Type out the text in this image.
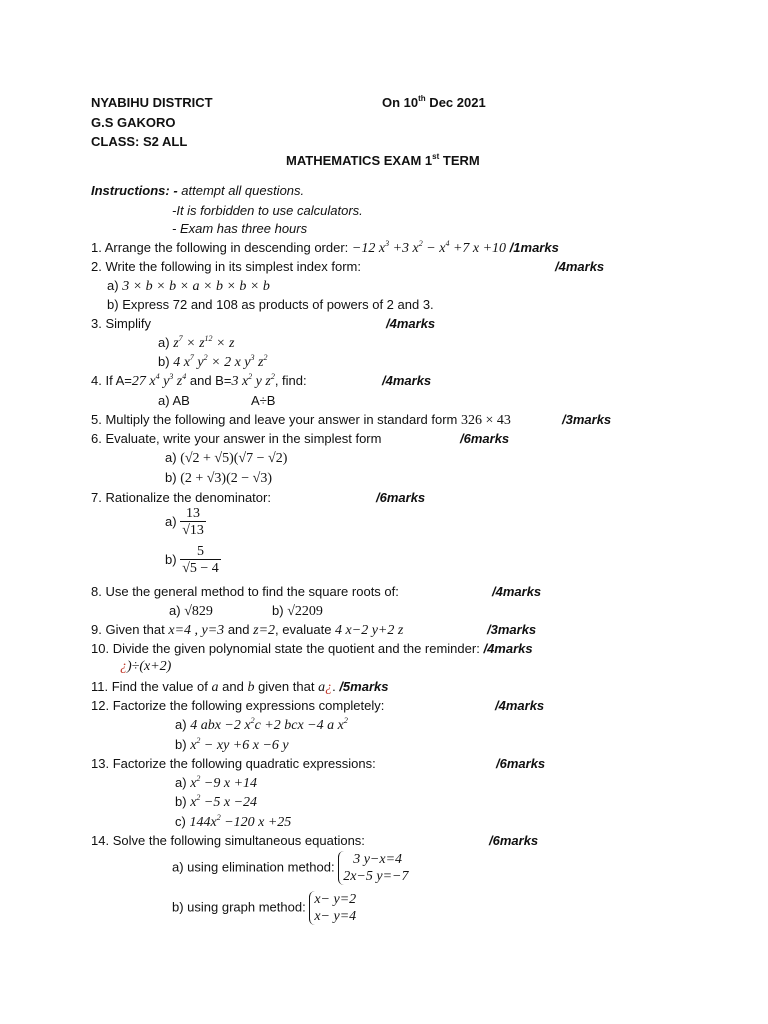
NYABIHU DISTRICT	On 10th Dec 2021
G.S GAKORO
CLASS: S2 ALL
MATHEMATICS EXAM 1st TERM
Instructions: - attempt all questions.
-It is forbidden to use calculators.
- Exam has three hours
1. Arrange the following in descending order: −12 $x^3 +3$ $x^2 - x^4 +7$ x +10 /1marks
2. Write the following in its simplest index form:	/4marks
a) 3 × b × b × a × b × b × b
b) Express 72 and 108 as products of powers of 2 and 3.
3. Simplify	/4marks
a) $z^7 \times z^{12} \times z$
b) 4 $x^7$ $y^2 \times 2$ x $y^3$ $z^2$
4. If A=27 $x^4$ $y^3$ $z^4$ and B=3 $x^2$ y $z^2$, find:	/4marks
a) AB	A÷B
5. Multiply the following and leave your answer in standard form 326 × 43	/3marks
6. Evaluate, write your answer in the simplest form	/6marks
a) (√2 + √5)(√7 − √2)
b) (2 + √3)(2 − √3)
7. Rationalize the denominator:	/6marks
$a) \frac{13}{√13}$
$b) \frac{5}{√5 - 4}$
8. Use the general method to find the square roots of:	/4marks
a) √829	b) √2209
9. Given that x=4 , y=3 and z=2, evaluate 4 x−2 y+2 z	/3marks
10. Divide the given polynomial state the quotient and the reminder: /4marks
¿)÷(x+2)
11. Find the value of a and b given that a¿. /5marks
12. Factorize the following expressions completely:	/4marks
a) 4 abx −2 $x^2c +2$ bcx −4 a $x^2$
b) $x^2$ − xy +6 x −6 y
13. Factorize the following quadratic expressions:	/6marks
a) $x^2 -9$ x +14
b) $x^2 -5$ x −24
c) $144x^2 -120$ x +25
14. Solve the following simultaneous equations:	/6marks
a) using elimination method:	3 y−x=4
2x−5 y=−7
b) using graph method: x− y=2
x− y=4
